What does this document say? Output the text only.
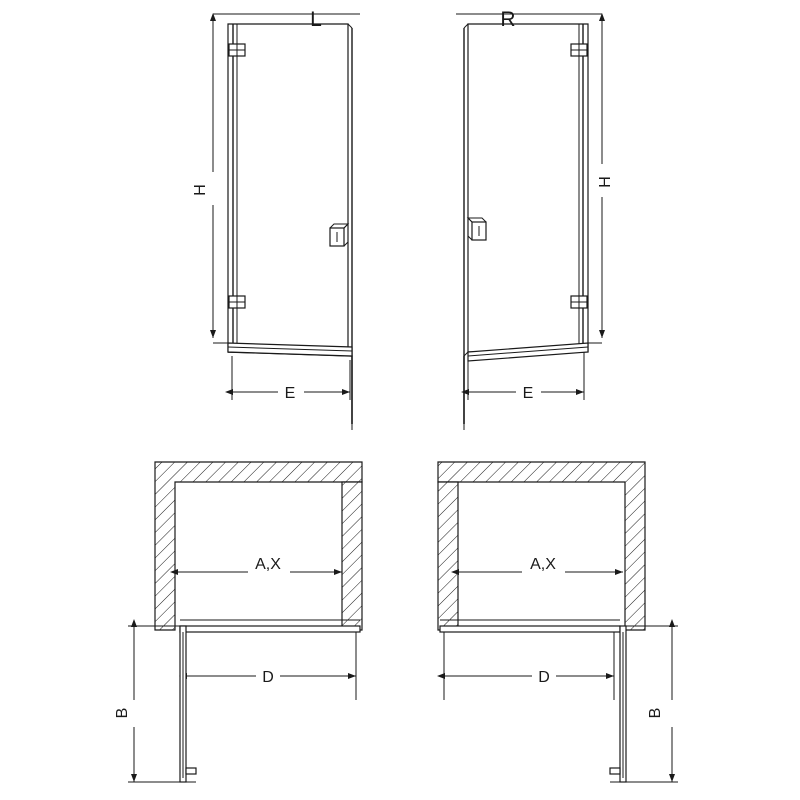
L	R
H
H
E	E
A,X	A,X
D	D
B	B
